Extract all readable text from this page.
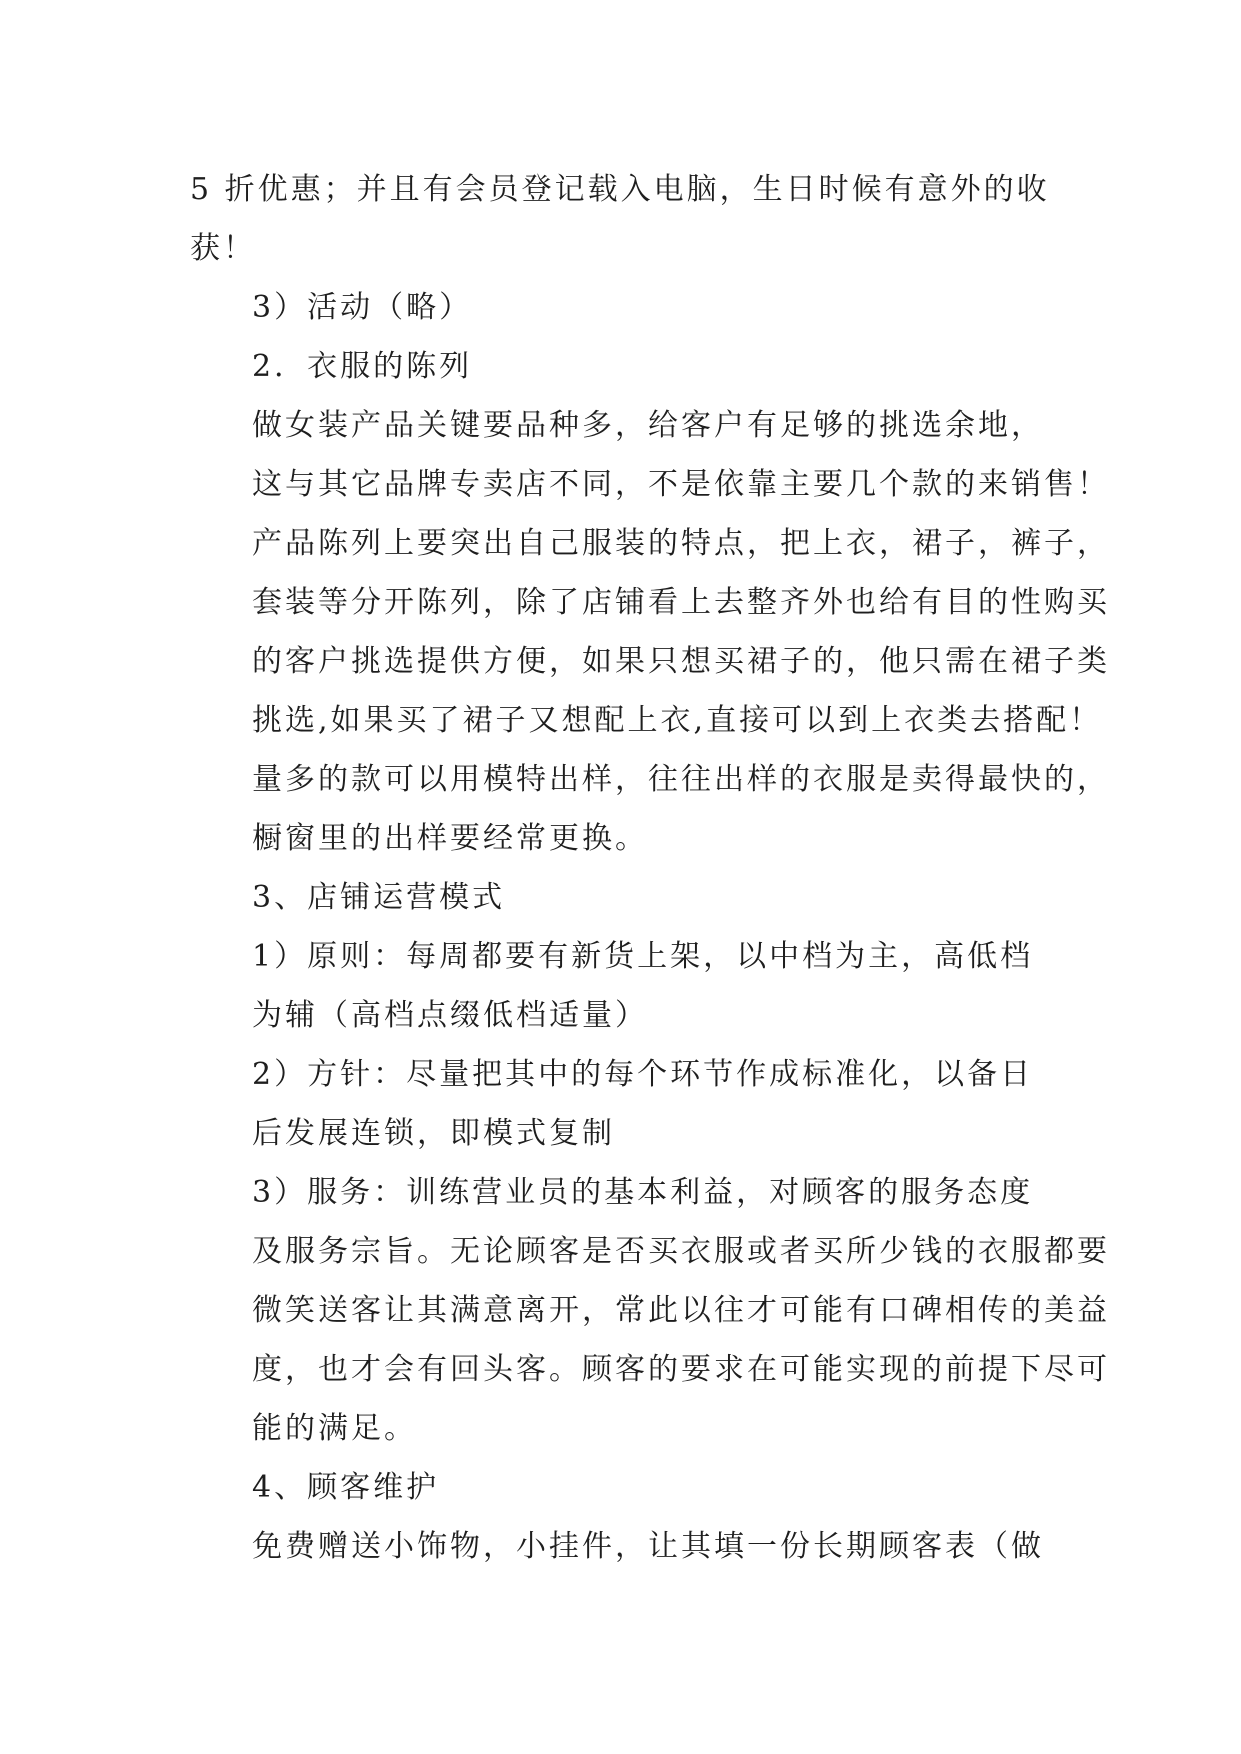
5 折优惠；并且有会员登记载入电脑，生日时候有意外的收
获！

3）活动（略）

2．衣服的陈列

做女装产品关键要品种多，给客户有足够的挑选余地，
这与其它品牌专卖店不同，不是依靠主要几个款的来销售！
产品陈列上要突出自己服装的特点，把上衣，裙子，裤子，
套装等分开陈列，除了店铺看上去整齐外也给有目的性购买
的客户挑选提供方便，如果只想买裙子的，他只需在裙子类
挑选,如果买了裙子又想配上衣,直接可以到上衣类去搭配！
量多的款可以用模特出样，往往出样的衣服是卖得最快的，
橱窗里的出样要经常更换。

3、店铺运营模式

1）原则：每周都要有新货上架，以中档为主，高低档
为辅（高档点缀低档适量）

2）方针：尽量把其中的每个环节作成标准化，以备日
后发展连锁，即模式复制

3）服务：训练营业员的基本利益，对顾客的服务态度
及服务宗旨。无论顾客是否买衣服或者买所少钱的衣服都要
微笑送客让其满意离开，常此以往才可能有口碑相传的美益
度，也才会有回头客。顾客的要求在可能实现的前提下尽可
能的满足。

4、顾客维护

免费赠送小饰物，小挂件，让其填一份长期顾客表（做
